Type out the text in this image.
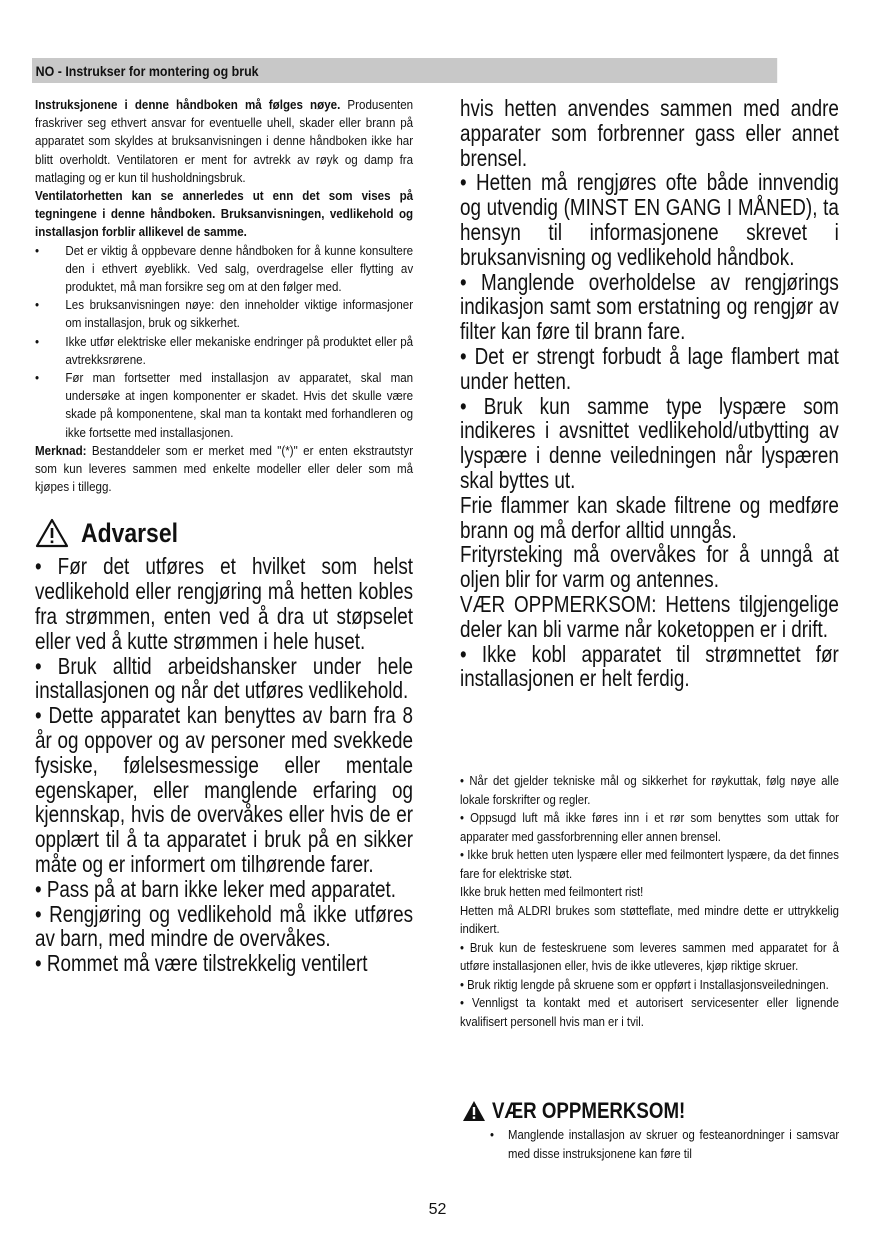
NO - Instrukser for montering og bruk

Instruksjonene i denne håndboken må følges nøye. Produsenten fraskriver seg ethvert ansvar for eventuelle uhell, skader eller brann på apparatet som skyldes at bruksanvisningen i denne håndboken ikke har blitt overholdt. Ventilatoren er ment for avtrekk av røyk og damp fra matlaging og er kun til husholdningsbruk.

Ventilatorhetten kan se annerledes ut enn det som vises på tegningene i denne håndboken. Bruksanvisningen, vedlikehold og installasjon forblir allikevel de samme.

• Det er viktig å oppbevare denne håndboken for å kunne konsultere den i ethvert øyeblikk. Ved salg, overdragelse eller flytting av produktet, må man forsikre seg om at den følger med.
• Les bruksanvisningen nøye: den inneholder viktige informasjoner om installasjon, bruk og sikkerhet.
• Ikke utfør elektriske eller mekaniske endringer på produktet eller på avtrekksrørene.
• Før man fortsetter med installasjon av apparatet, skal man undersøke at ingen komponenter er skadet. Hvis det skulle være skade på komponentene, skal man ta kontakt med forhandleren og ikke fortsette med installasjonen.

Merknad: Bestanddeler som er merket med "(*)" er enten ekstrautstyr som kun leveres sammen med enkelte modeller eller deler som må kjøpes i tillegg.

Advarsel

• Før det utføres et hvilket som helst vedlikehold eller rengjøring må hetten kobles fra strømmen, enten ved å dra ut støpselet eller ved å kutte strømmen i hele huset.

• Bruk alltid arbeidshansker under hele installasjonen og når det utføres vedlikehold.

• Dette apparatet kan benyttes av barn fra 8 år og oppover og av personer med svekkede fysiske, følelsesmessige eller mentale egenskaper, eller manglende erfaring og kjennskap, hvis de overvåkes eller hvis de er opplært til å ta apparatet i bruk på en sikker måte og er informert om tilhørende farer.

• Pass på at barn ikke leker med apparatet.

• Rengjøring og vedlikehold må ikke utføres av barn, med mindre de overvåkes.

• Rommet må være tilstrekkelig ventilert

hvis hetten anvendes sammen med andre apparater som forbrenner gass eller annet brensel.

• Hetten må rengjøres ofte både innvendig og utvendig (MINST EN GANG I MÅNED), ta hensyn til informasjonene skrevet i bruksanvisning og vedlikehold håndbok.

• Manglende overholdelse av rengjørings indikasjon samt som erstatning og rengjør av filter kan føre til brann fare.

• Det er strengt forbudt å lage flambert mat under hetten.

• Bruk kun samme type lyspære som indikeres i avsnittet vedlikehold/utbytting av lyspære i denne veiledningen når lyspæren skal byttes ut.

Frie flammer kan skade filtrene og medføre brann og må derfor alltid unngås.

Frityrsteking må overvåkes for å unngå at oljen blir for varm og antennes.

VÆR OPPMERKSOM: Hettens tilgjengelige deler kan bli varme når koketoppen er i drift.

• Ikke kobl apparatet til strømnettet før installasjonen er helt ferdig.

• Når det gjelder tekniske mål og sikkerhet for røykuttak, følg nøye alle lokale forskrifter og regler.

• Oppsugd luft må ikke føres inn i et rør som benyttes som uttak for apparater med gassforbrenning eller annen brensel.

• Ikke bruk hetten uten lyspære eller med feilmontert lyspære, da det finnes fare for elektriske støt.

Ikke bruk hetten med feilmontert rist!

Hetten må ALDRI brukes som støtteflate, med mindre dette er uttrykkelig indikert.

• Bruk kun de festeskruene som leveres sammen med apparatet for å utføre installasjonen eller, hvis de ikke utleveres, kjøp riktige skruer.

• Bruk riktig lengde på skruene som er oppført i Installasjonsveiledningen.

• Vennligst ta kontakt med et autorisert servicesenter eller lignende kvalifisert personell hvis man er i tvil.

VÆR OPPMERKSOM!
• Manglende installasjon av skruer og festeanordninger i samsvar med disse instruksjonene kan føre til
52
